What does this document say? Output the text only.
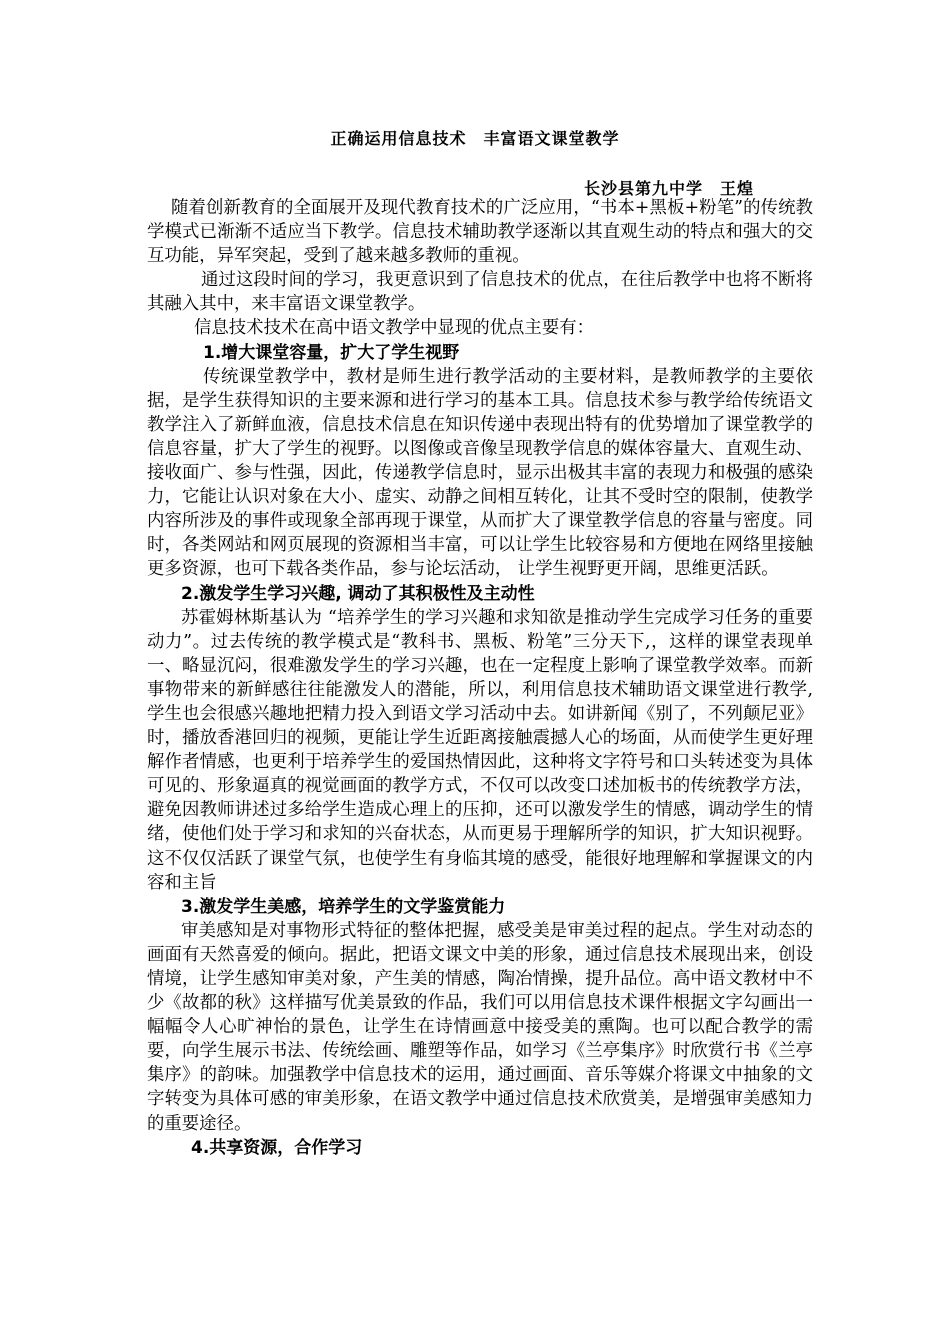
正确运用信息技术　丰富语文课堂教学
长沙县第九中学　王煌
随着创新教育的全面展开及现代教育技术的广泛应用，“书本+黑板+粉笔”的传统教学模式已渐渐不适应当下教学。信息技术辅助教学逐渐以其直观生动的特点和强大的交互功能，异军突起，受到了越来越多教师的重视。
通过这段时间的学习，我更意识到了信息技术的优点，在往后教学中也将不断将其融入其中，来丰富语文课堂教学。
信息技术技术在高中语文教学中显现的优点主要有：
1.增大课堂容量，扩大了学生视野
传统课堂教学中，教材是师生进行教学活动的主要材料，是教师教学的主要依据，是学生获得知识的主要来源和进行学习的基本工具。信息技术参与教学给传统语文教学注入了新鲜血液，信息技术信息在知识传递中表现出特有的优势增加了课堂教学的信息容量，扩大了学生的视野。以图像或音像呈现教学信息的媒体容量大、直观生动、接收面广、参与性强，因此，传递教学信息时，显示出极其丰富的表现力和极强的感染力，它能让认识对象在大小、虚实、动静之间相互转化，让其不受时空的限制，使教学内容所涉及的事件或现象全部再现于课堂，从而扩大了课堂教学信息的容量与密度。同时，各类网站和网页展现的资源相当丰富，可以让学生比较容易和方便地在网络里接触更多资源，也可下载各类作品，参与论坛活动， 让学生视野更开阔，思维更活跃。
2.激发学生学习兴趣, 调动了其积极性及主动性
苏霍姆林斯基认为 “培养学生的学习兴趣和求知欲是推动学生完成学习任务的重要动力”。过去传统的教学模式是“教科书、黑板、粉笔”三分天下,，这样的课堂表现单一、略显沉闷，很难激发学生的学习兴趣，也在一定程度上影响了课堂教学效率。而新事物带来的新鲜感往往能激发人的潜能，所以，利用信息技术辅助语文课堂进行教学, 学生也会很感兴趣地把精力投入到语文学习活动中去。如讲新闻《别了，不列颠尼亚》时，播放香港回归的视频，更能让学生近距离接触震撼人心的场面，从而使学生更好理解作者情感，也更利于培养学生的爱国热情因此，这种将文字符号和口头转述变为具体可见的、形象逼真的视觉画面的教学方式，不仅可以改变口述加板书的传统教学方法，避免因教师讲述过多给学生造成心理上的压抑，还可以激发学生的情感，调动学生的情绪，使他们处于学习和求知的兴奋状态，从而更易于理解所学的知识，扩大知识视野。这不仅仅活跃了课堂气氛，也使学生有身临其境的感受，能很好地理解和掌握课文的内容和主旨
3.激发学生美感，培养学生的文学鉴赏能力
审美感知是对事物形式特征的整体把握，感受美是审美过程的起点。学生对动态的画面有天然喜爱的倾向。据此，把语文课文中美的形象，通过信息技术展现出来，创设情境，让学生感知审美对象，产生美的情感，陶冶情操，提升品位。高中语文教材中不少《故都的秋》这样描写优美景致的作品，我们可以用信息技术课件根据文字勾画出一幅幅令人心旷神怡的景色，让学生在诗情画意中接受美的熏陶。也可以配合教学的需要，向学生展示书法、传统绘画、雕塑等作品，如学习《兰亭集序》时欣赏行书《兰亭集序》的韵味。加强教学中信息技术的运用，通过画面、音乐等媒介将课文中抽象的文字转变为具体可感的审美形象，在语文教学中通过信息技术欣赏美，是增强审美感知力的重要途径。
4.共享资源，合作学习
